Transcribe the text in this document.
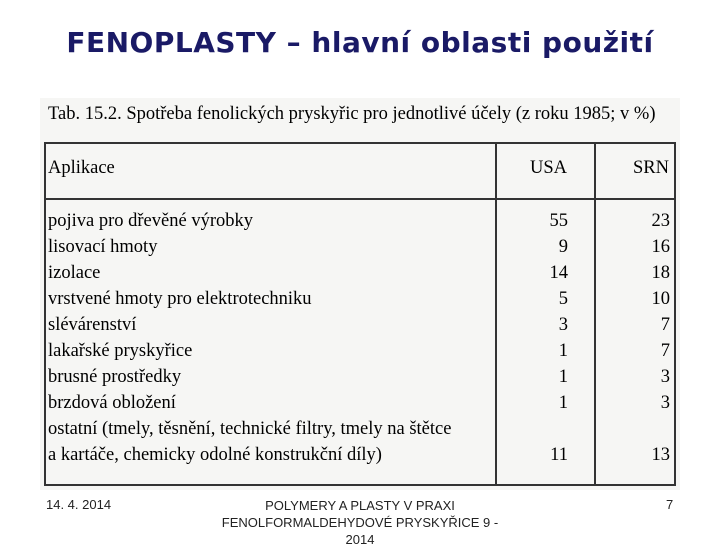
FENOPLASTY – hlavní oblasti použití
Tab. 15.2. Spotřeba fenolických pryskyřic pro jednotlivé účely (z roku 1985; v %)
Aplikace	USA	SRN
pojiva pro dřevěné výrobky	55	23
lisovací hmoty	9	16
izolace	14	18
vrstvené hmoty pro elektrotechniku	5	10
slévárenství	3	7
lakařské pryskyřice	1	7
brusné prostředky	1	3
brzdová obložení	1	3
ostatní (tmely, těsnění, technické filtry, tmely na štětce
a kartáče, chemicky odolné konstrukční díly)	11	13
14. 4. 2014	POLYMERY A PLASTY V PRAXI FENOLFORMALDEHYDOVÉ PRYSKYŘICE 9 - 2014
7
